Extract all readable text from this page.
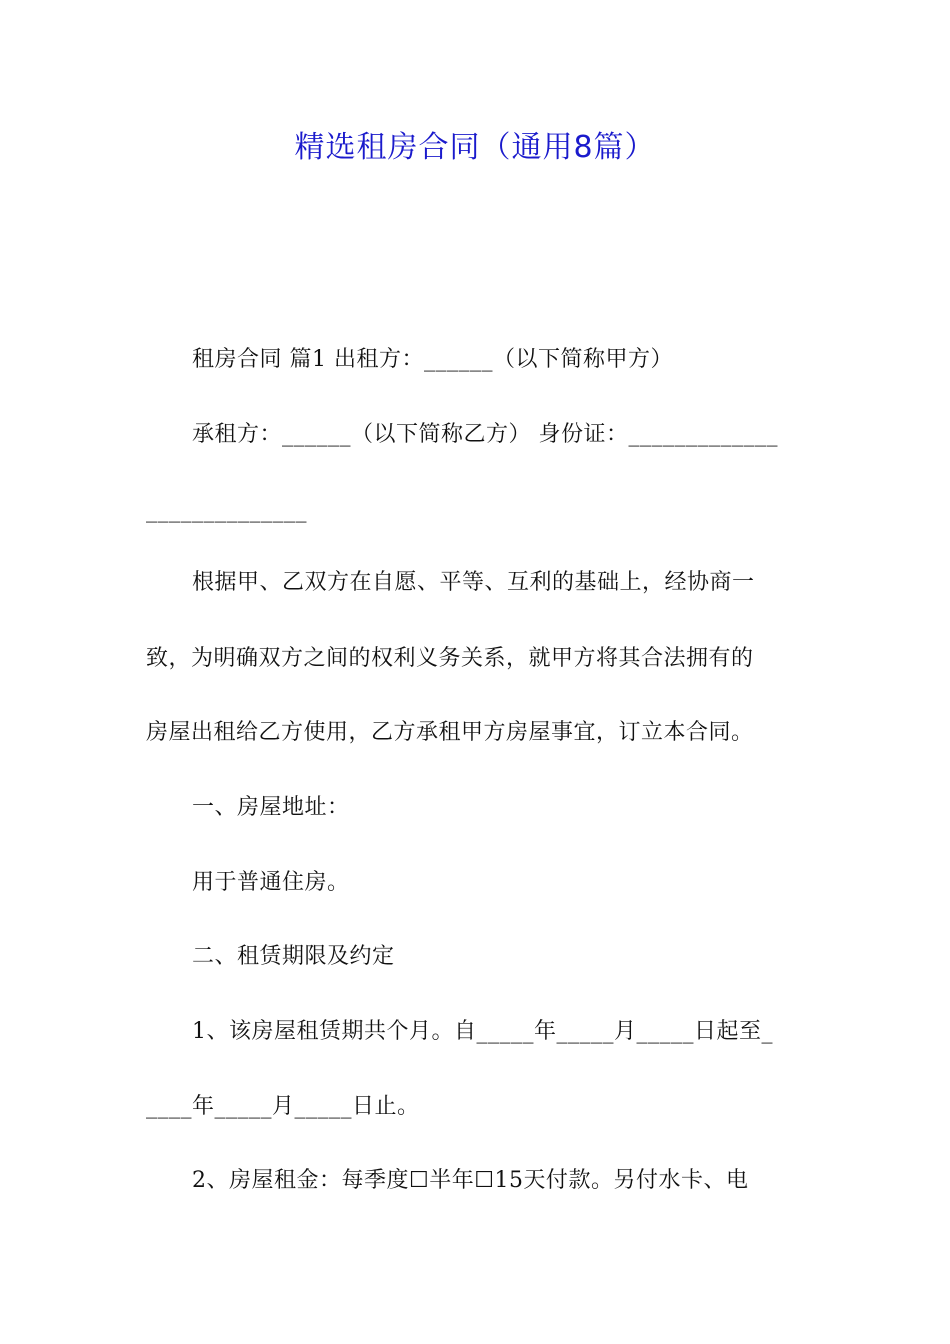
精选租房合同（通用8篇）
租房合同 篇1 出租方：______（以下简称甲方）
承租方：______（以下简称乙方） 身份证：_____________
______________
根据甲、乙双方在自愿、平等、互利的基础上，经协商一
致，为明确双方之间的权利义务关系，就甲方将其合法拥有的
房屋出租给乙方使用，乙方承租甲方房屋事宜，订立本合同。
一、房屋地址：
用于普通住房。
二、租赁期限及约定
1、该房屋租赁期共个月。自_____年_____月_____日起至_
____年_____月_____日止。
2、房屋租金：每季度☐半年☐15天付款。另付水卡、电
